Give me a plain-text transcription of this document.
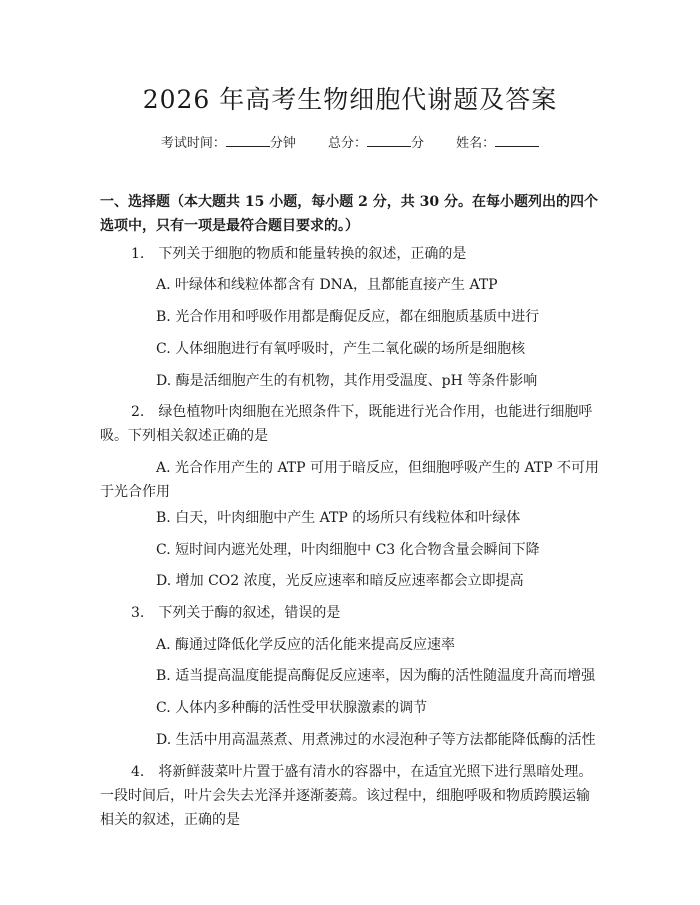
2026 年高考生物细胞代谢题及答案
考试时间：	分钟 总分：	分 姓名：
一、选择题（本大题共 15 小题，每小题 2 分，共 30 分。在每小题列出的四个选项中，只有一项是最符合题目要求的。）
1.　下列关于细胞的物质和能量转换的叙述，正确的是
A. 叶绿体和线粒体都含有 DNA，且都能直接产生 ATP
B. 光合作用和呼吸作用都是酶促反应，都在细胞质基质中进行
C. 人体细胞进行有氧呼吸时，产生二氧化碳的场所是细胞核
D. 酶是活细胞产生的有机物，其作用受温度、pH 等条件影响
2.　绿色植物叶肉细胞在光照条件下，既能进行光合作用，也能进行细胞呼吸。下列相关叙述正确的是
A. 光合作用产生的 ATP 可用于暗反应，但细胞呼吸产生的 ATP 不可用于光合作用
B. 白天，叶肉细胞中产生 ATP 的场所只有线粒体和叶绿体
C. 短时间内遮光处理，叶肉细胞中 C3 化合物含量会瞬间下降
D. 增加 CO2 浓度，光反应速率和暗反应速率都会立即提高
3.　下列关于酶的叙述，错误的是
A. 酶通过降低化学反应的活化能来提高反应速率
B. 适当提高温度能提高酶促反应速率，因为酶的活性随温度升高而增强
C. 人体内多种酶的活性受甲状腺激素的调节
D. 生活中用高温蒸煮、用煮沸过的水浸泡种子等方法都能降低酶的活性
4.　将新鲜菠菜叶片置于盛有清水的容器中，在适宜光照下进行黑暗处理。一段时间后，叶片会失去光泽并逐渐萎蔫。该过程中，细胞呼吸和物质跨膜运输相关的叙述，正确的是
